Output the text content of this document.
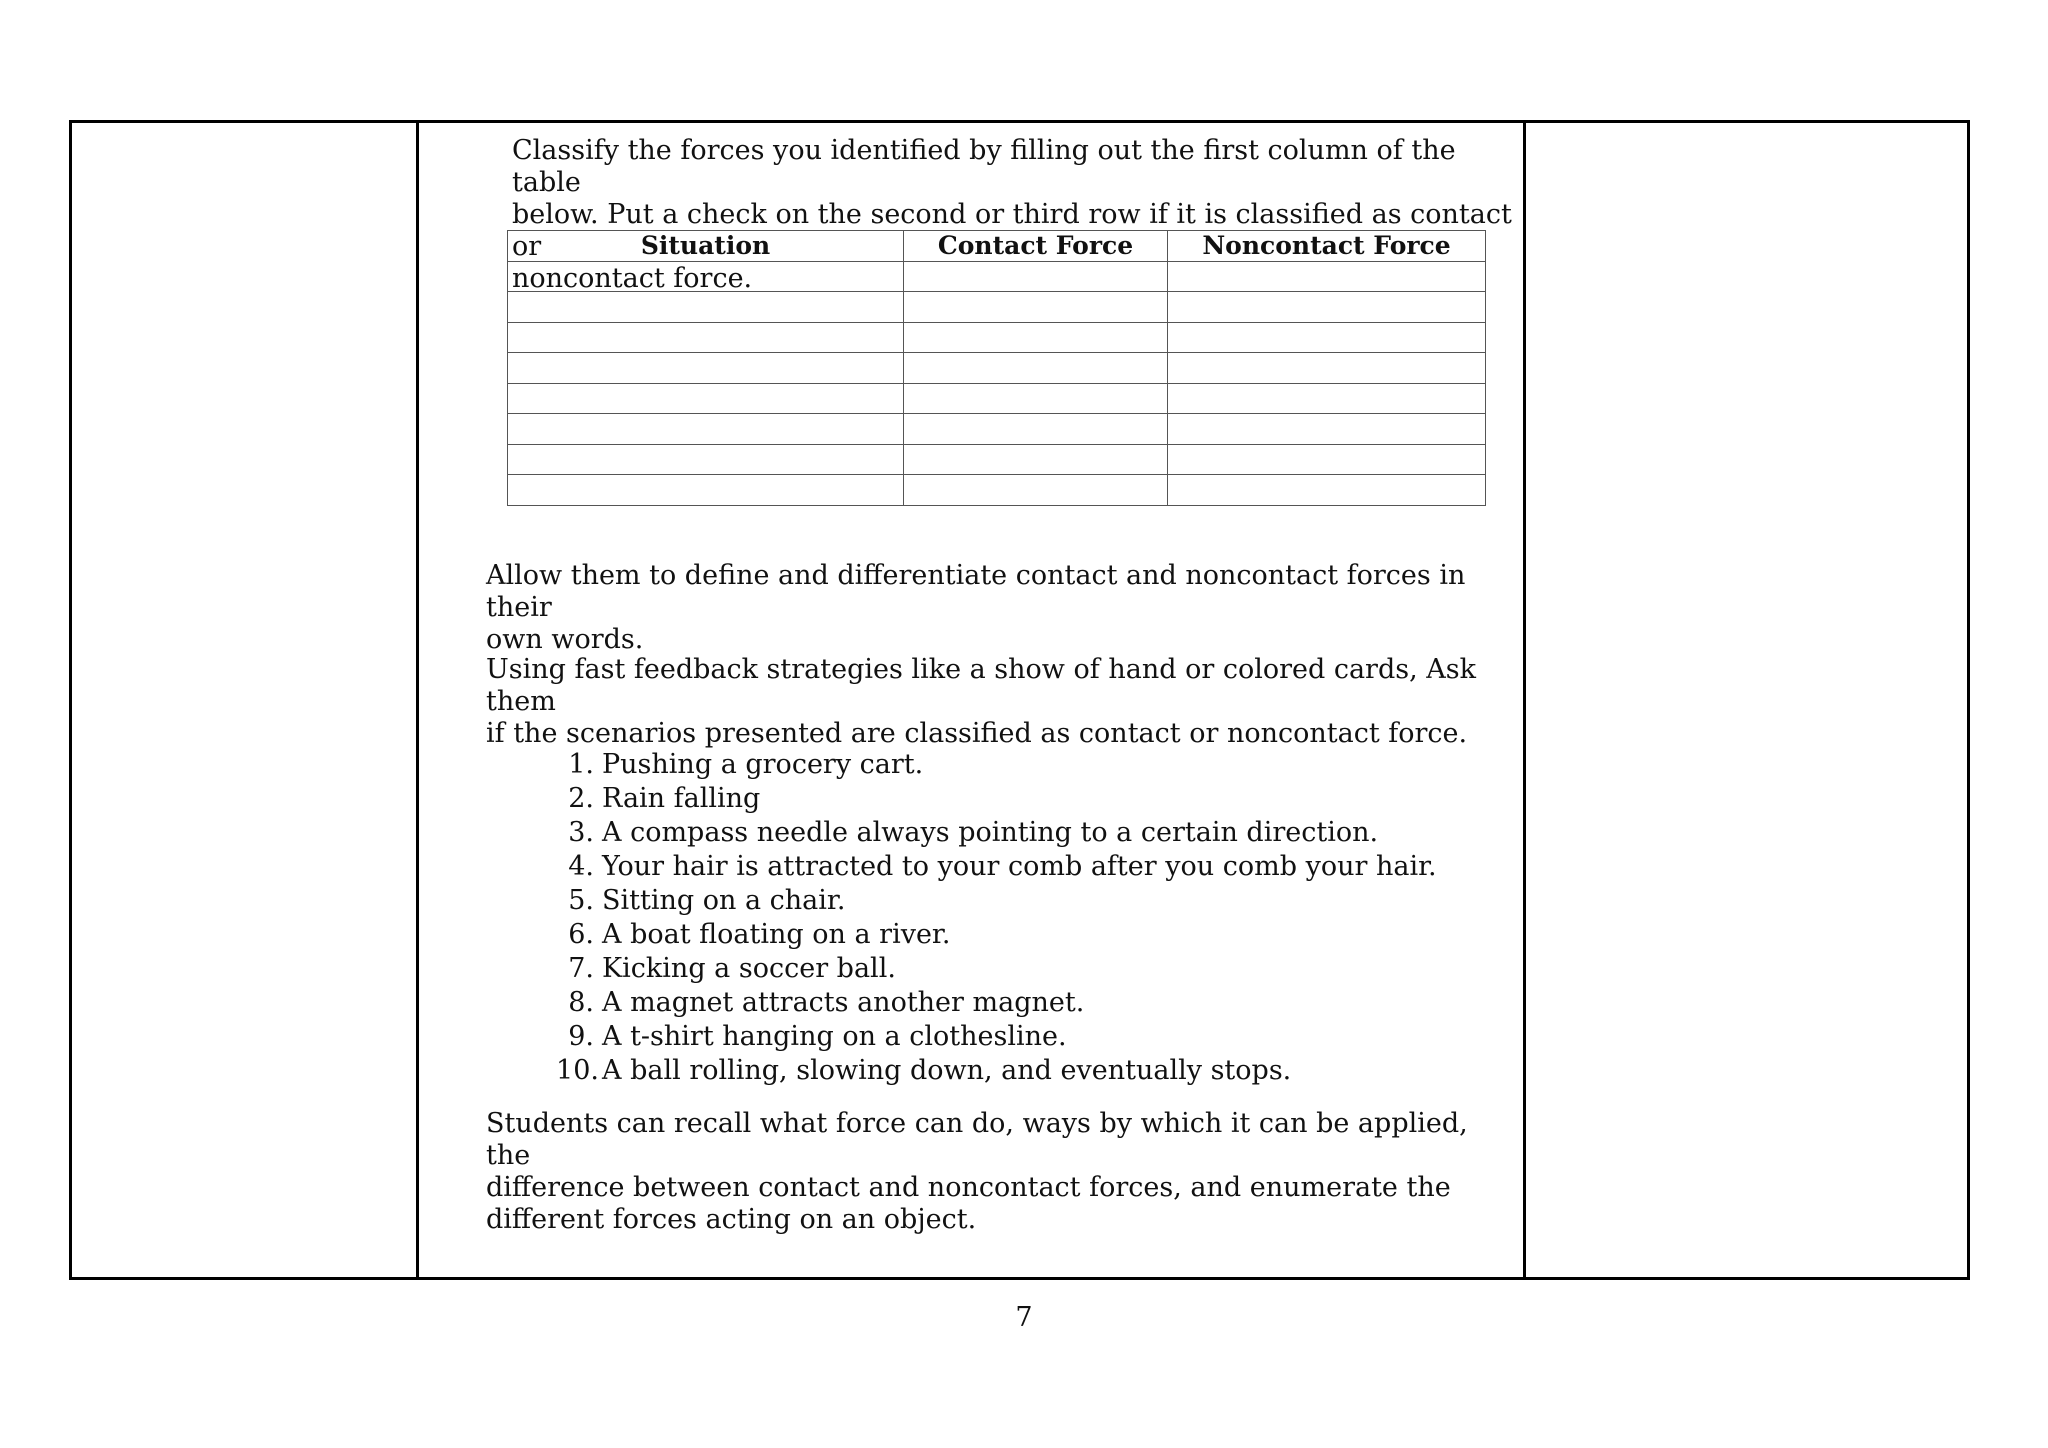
Classify the forces you identified by filling out the first column of the table

below. Put a check on the second or third row if it is classified as contact or

noncontact force.

Situation	Contact Force	Noncontact Force

Allow them to define and differentiate contact and noncontact forces in their

own words.

Using fast feedback strategies like a show of hand or colored cards, Ask them

if the scenarios presented are classified as contact or noncontact force.

1. Pushing a grocery cart.
2. Rain falling
3. A compass needle always pointing to a certain direction.
4. Your hair is attracted to your comb after you comb your hair.
5. Sitting on a chair.
6. A boat floating on a river.
7. Kicking a soccer ball.
8. A magnet attracts another magnet.
9. A t-shirt hanging on a clothesline.
10. A ball rolling, slowing down, and eventually stops.

Students can recall what force can do, ways by which it can be applied, the

difference between contact and noncontact forces, and enumerate the

different forces acting on an object.

7
